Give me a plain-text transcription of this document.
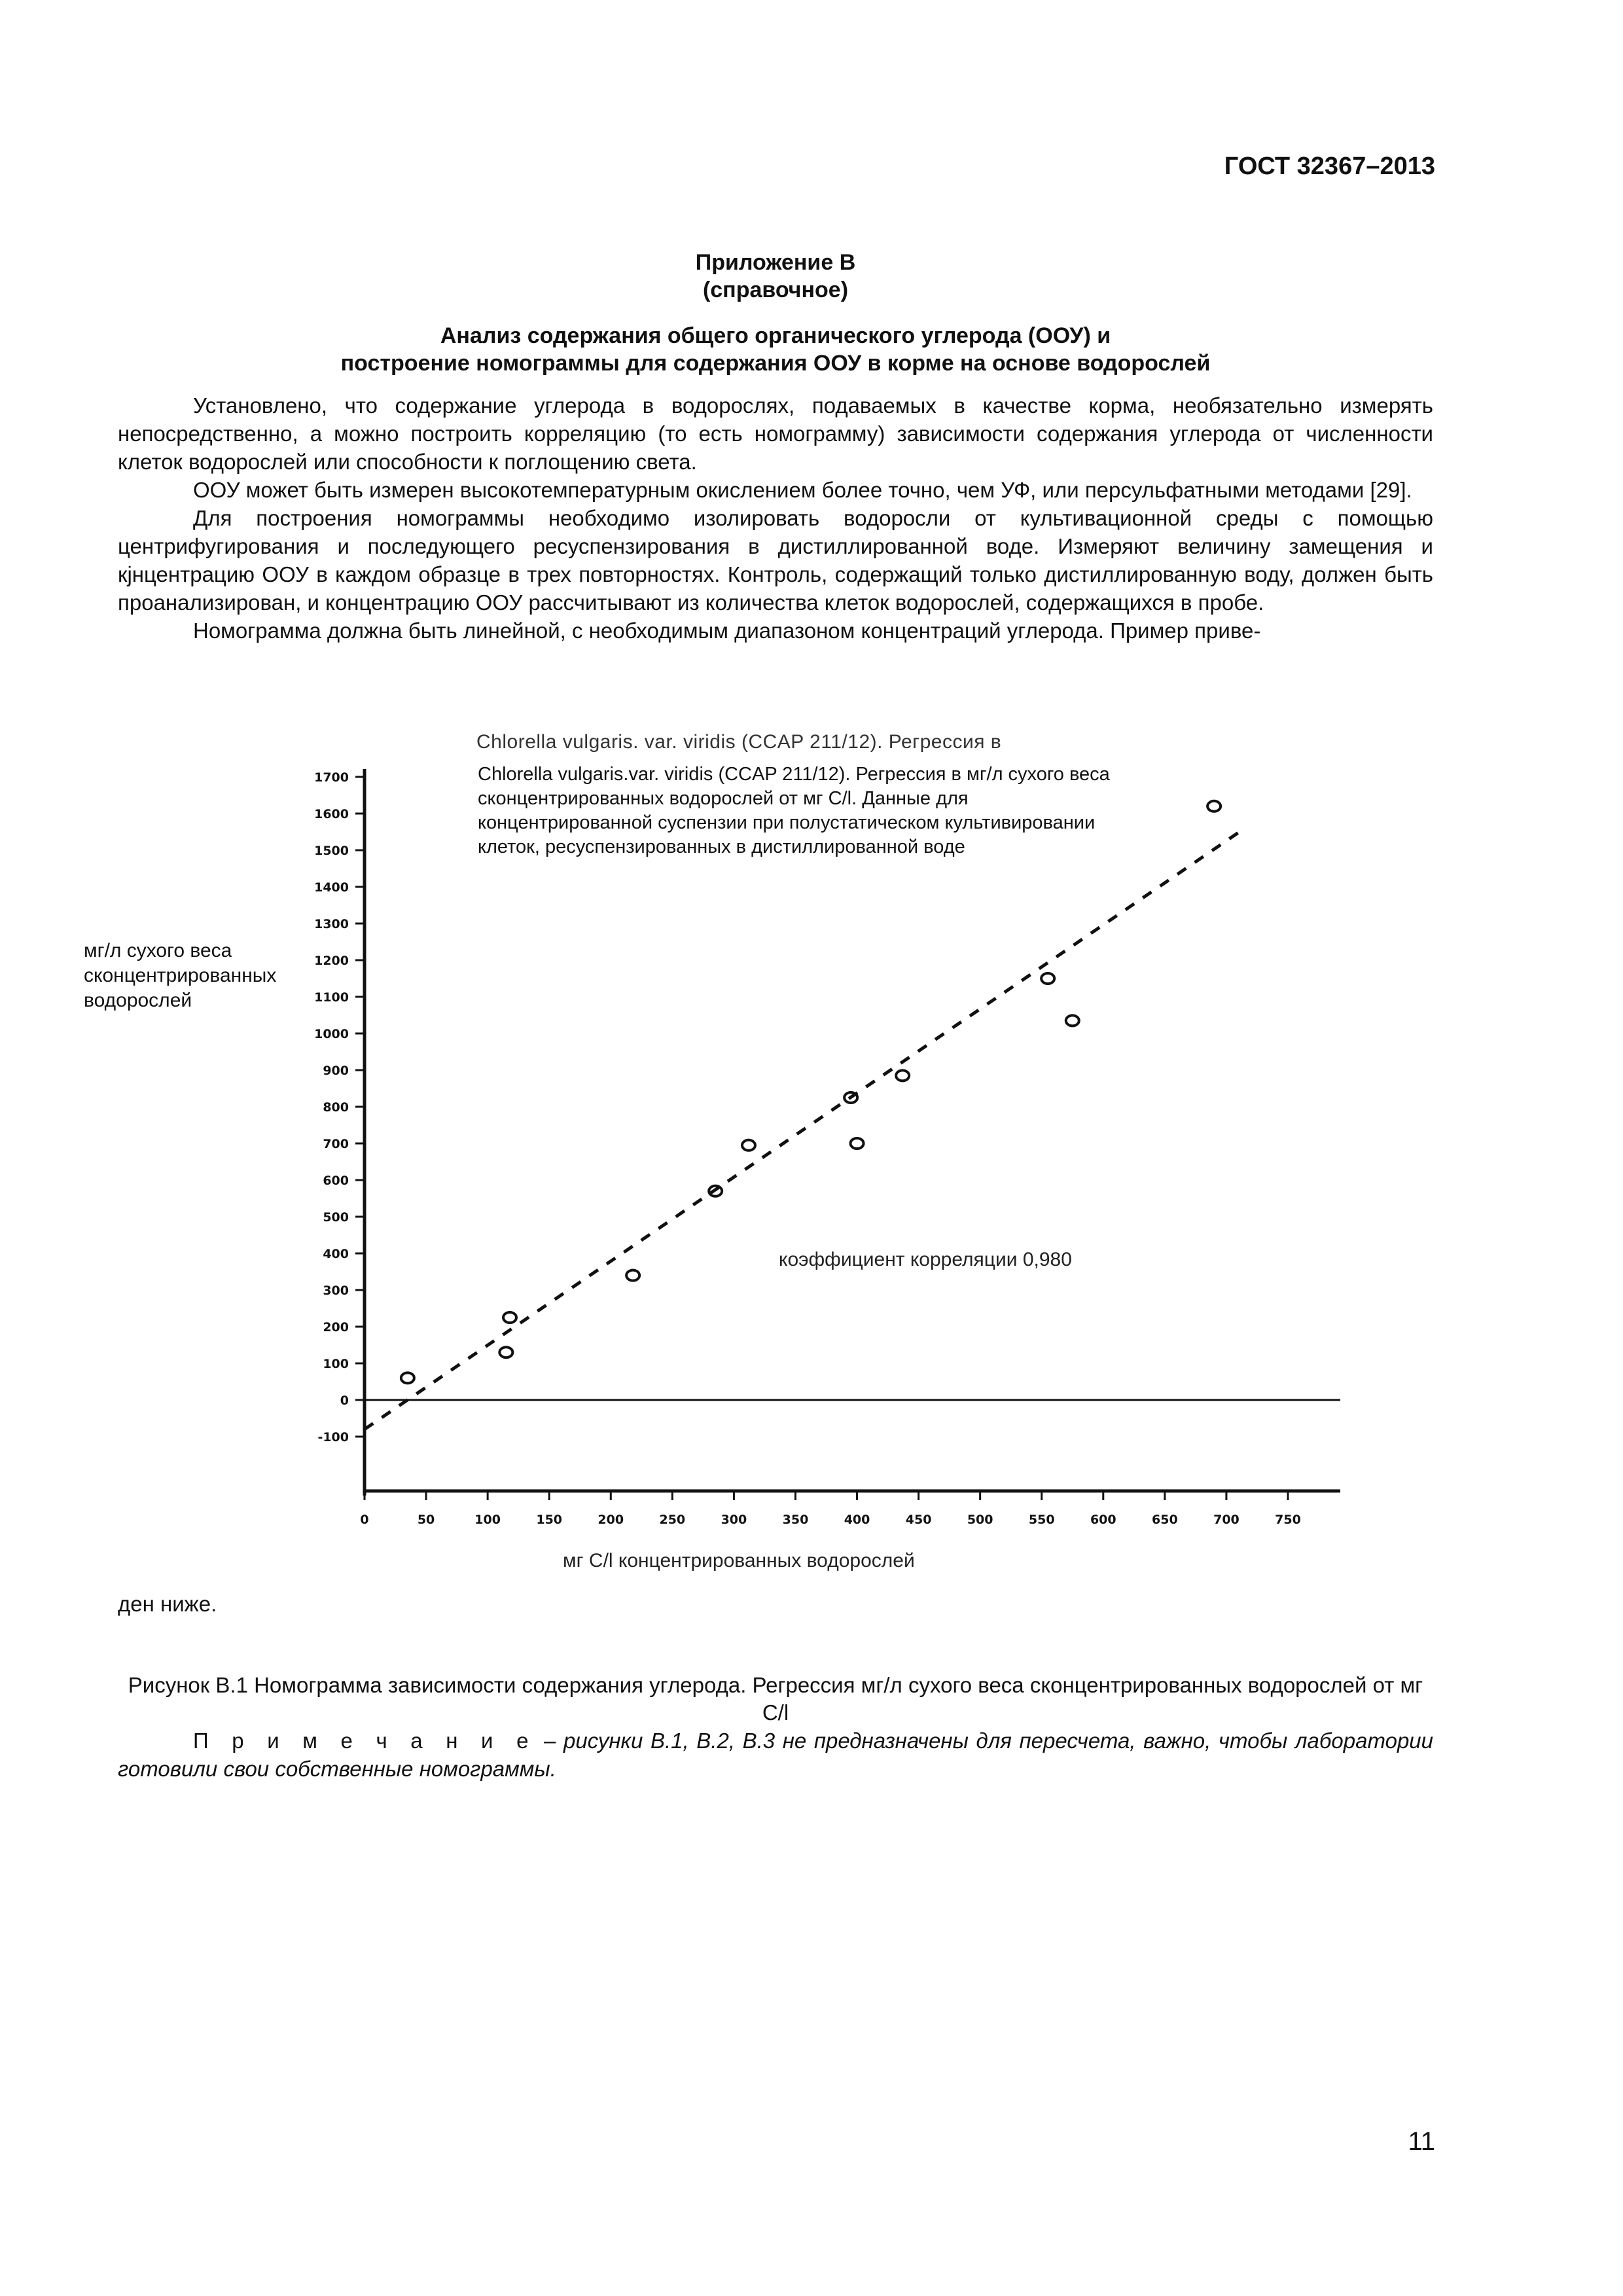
ГОСТ 32367–2013
Приложение В
(справочное)
Анализ содержания общего органического углерода (ООУ) и
построение номограммы для содержания ООУ в корме на основе водорослей

Установлено, что содержание углерода в водорослях, подаваемых в качестве корма, необязательно измерять непосредственно, а можно построить корреляцию (то есть номограмму) зависимости содержания углерода от численности клеток водорослей или способности к поглощению света.

ООУ может быть измерен высокотемпературным окислением более точно, чем УФ, или персульфатными методами [29].

Для построения номограммы необходимо изолировать водоросли от культивационной среды с помощью центрифугирования и последующего ресуспензирования в дистиллированной воде. Измеряют величину замещения и кјнцентрацию ООУ в каждом образце в трех повторностях. Контроль, содержащий только дистиллированную воду, должен быть проанализирован, и концентрацию ООУ рассчитывают из количества клеток водорослей, содержащихся в пробе.

Номограмма должна быть линейной, с необходимым диапазоном концентраций углерода. Пример приве-

-100
0
100
200
300
400
500
600
700
800
900
1000
1100
1200
1300
1400
1500
1600
1700
0	50	100	150	200	250	300	350	400	450	500	550	600	650	700	750
Chlorella vulgaris. var. viridis (CCAP 211/12). Регрессия в
Chlorella vulgaris.var. viridis (CCAP 211/12). Регрессия в мг/л сухого веса сконцентрированных водорослей от мг С/l. Данные для концентрированной суспензии при полустатическом культивировании клеток, ресуспензированных в дистиллированной воде
мг/л сухого веса сконцентрированных водорослей
коэффициент корреляции 0,980
мг С/l концентрированных водорослей
ден ниже.
Рисунок В.1 Номограмма зависимости содержания углерода. Регрессия мг/л сухого веса сконцентрированных водорослей от мг С/l
П р и м е ч а н и е – рисунки В.1, В.2, В.3 не предназначены для пересчета, важно, чтобы лаборатории готовили свои собственные номограммы.
11
